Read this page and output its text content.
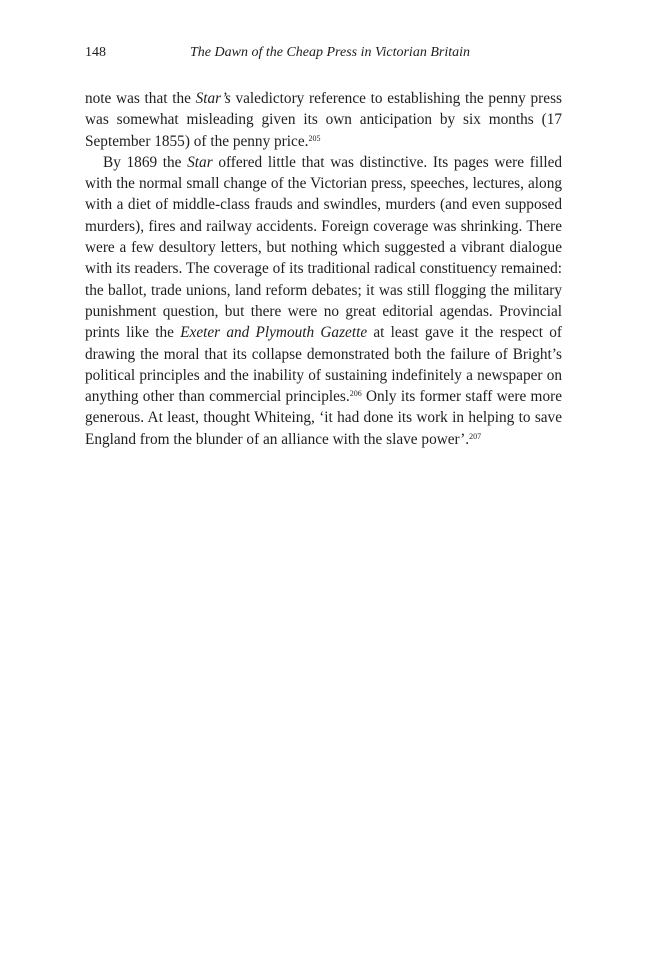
148	The Dawn of the Cheap Press in Victorian Britain

note was that the Star’s valedictory reference to establishing the penny press was somewhat misleading given its own anticipation by six months (17 September 1855) of the penny price.$^{205}$

By 1869 the Star offered little that was distinctive. Its pages were filled with the normal small change of the Victorian press, speeches, lectures, along with a diet of middle-class frauds and swindles, murders (and even supposed murders), fires and railway accidents. Foreign coverage was shrinking. There were a few desultory letters, but nothing which suggested a vibrant dialogue with its readers. The coverage of its traditional radical constituency remained: the ballot, trade unions, land reform debates; it was still flogging the military punishment question, but there were no great editorial agendas. Provincial prints like the Exeter and Plymouth Gazette at least gave it the respect of drawing the moral that its collapse demonstrated both the failure of Bright’s political principles and the inability of sustaining indefinitely a newspaper on anything other than commercial principles.$^{206}$ Only its former staff were more generous. At least, thought Whiteing, ‘it had done its work in helping to save England from the blunder of an alliance with the slave power’.$^{207}$
